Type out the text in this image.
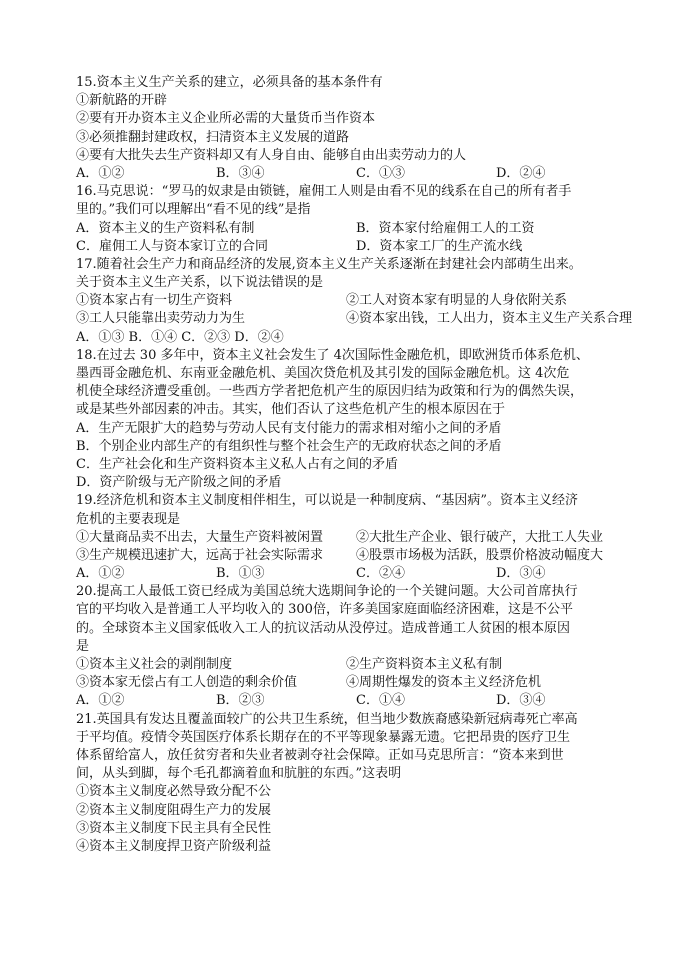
15.资本主义生产关系的建立，必须具备的基本条件有
①新航路的开辟
②要有开办资本主义企业所必需的大量货币当作资本
③必须推翻封建政权，扫清资本主义发展的道路
④要有大批失去生产资料却又有人身自由、能够自由出卖劳动力的人
A．①②	B．③④	C．①③	D．②④
16.马克思说：“罗马的奴隶是由锁链，雇佣工人则是由看不见的线系在自己的所有者手
里的。”我们可以理解出“看不见的线”是指
A．资本主义的生产资料私有制	B．资本家付给雇佣工人的工资
C．雇佣工人与资本家订立的合同	D．资本家工厂的生产流水线
17.随着社会生产力和商品经济的发展,资本主义生产关系逐渐在封建社会内部萌生出来。
关于资本主义生产关系，以下说法错误的是
①资本家占有一切生产资料	②工人对资本家有明显的人身依附关系
③工人只能靠出卖劳动力为生	④资本家出钱，工人出力，资本主义生产关系合理
A．①③ B．①④ C．②③ D．②④
18.在过去 30 多年中，资本主义社会发生了 4次国际性金融危机，即欧洲货币体系危机、
墨西哥金融危机、东南亚金融危机、美国次贷危机及其引发的国际金融危机。这 4次危
机使全球经济遭受重创。一些西方学者把危机产生的原因归结为政策和行为的偶然失误，
或是某些外部因素的冲击。其实，他们否认了这些危机产生的根本原因在于
A．生产无限扩大的趋势与劳动人民有支付能力的需求相对缩小之间的矛盾
B．个别企业内部生产的有组织性与整个社会生产的无政府状态之间的矛盾
C．生产社会化和生产资料资本主义私人占有之间的矛盾
D．资产阶级与无产阶级之间的矛盾
19.经济危机和资本主义制度相伴相生，可以说是一种制度病、“基因病”。资本主义经济
危机的主要表现是
①大量商品卖不出去，大量生产资料被闲置	②大批生产企业、银行破产，大批工人失业
③生产规模迅速扩大，远高于社会实际需求	④股票市场极为活跃，股票价格波动幅度大
A．①②	B．①③	C．②④	D．③④
20.提高工人最低工资已经成为美国总统大选期间争论的一个关键问题。大公司首席执行
官的平均收入是普通工人平均收入的 300倍，许多美国家庭面临经济困难，这是不公平
的。全球资本主义国家低收入工人的抗议活动从没停过。造成普通工人贫困的根本原因
是
①资本主义社会的剥削制度	②生产资料资本主义私有制
③资本家无偿占有工人创造的剩余价值	④周期性爆发的资本主义经济危机
A．①②	B．②③	C．①④	D．③④
21.英国具有发达且覆盖面较广的公共卫生系统，但当地少数族裔感染新冠病毒死亡率高
于平均值。疫情令英国医疗体系长期存在的不平等现象暴露无遗。它把昂贵的医疗卫生
体系留给富人，放任贫穷者和失业者被剥夺社会保障。正如马克思所言：“资本来到世
间，从头到脚，每个毛孔都滴着血和肮脏的东西。”这表明
①资本主义制度必然导致分配不公
②资本主义制度阻碍生产力的发展
③资本主义制度下民主具有全民性
④资本主义制度捍卫资产阶级利益
